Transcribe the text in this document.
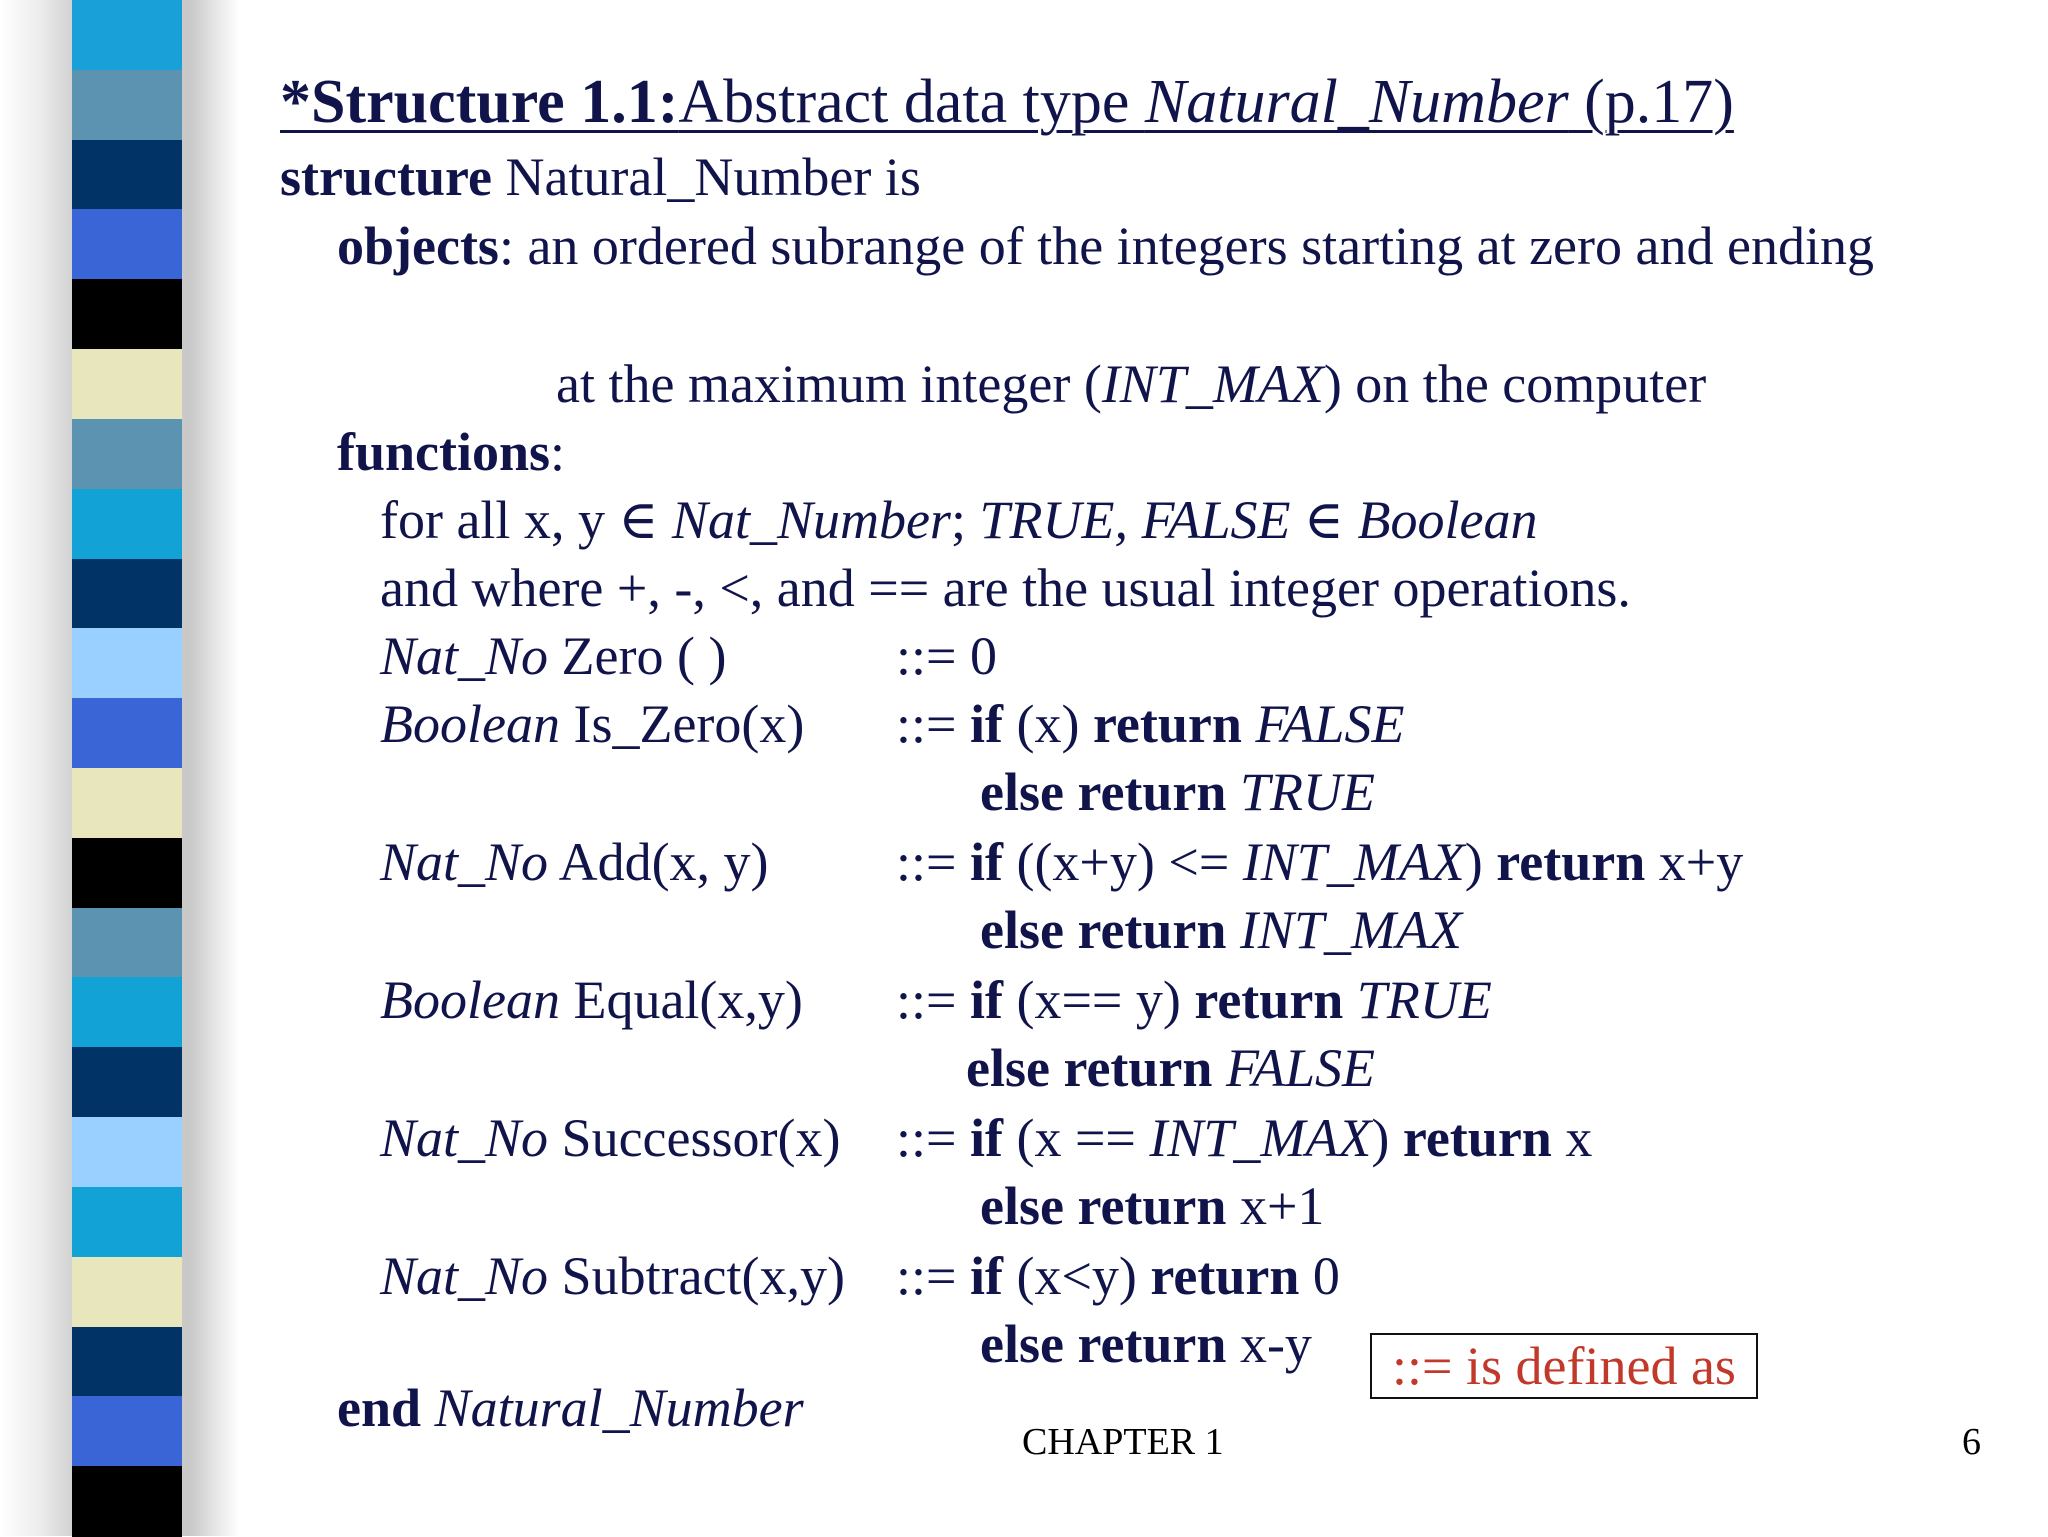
*Structure 1.1:Abstract data type Natural_Number (p.17)
structure Natural_Number is
objects: an ordered subrange of the integers starting at zero and ending
at the maximum integer (INT_MAX) on the computer
functions:
for all x, y ∈ Nat_Number; TRUE, FALSE ∈ Boolean
and where +, -, <, and == are the usual integer operations.
Nat_No Zero ( )	::= 0
Boolean Is_Zero(x) ::= if (x) return FALSE
else return TRUE
Nat_No Add(x, y) ::= if ((x+y) <= INT_MAX) return x+y
else return INT_MAX
Boolean Equal(x,y) ::= if (x== y) return TRUE
else return FALSE
Nat_No Successor(x) ::= if (x == INT_MAX) return x
else return x+1
Nat_No Subtract(x,y) ::= if (x<y) return 0
else return x-y
end Natural_Number
::= is defined as
CHAPTER 1	6
